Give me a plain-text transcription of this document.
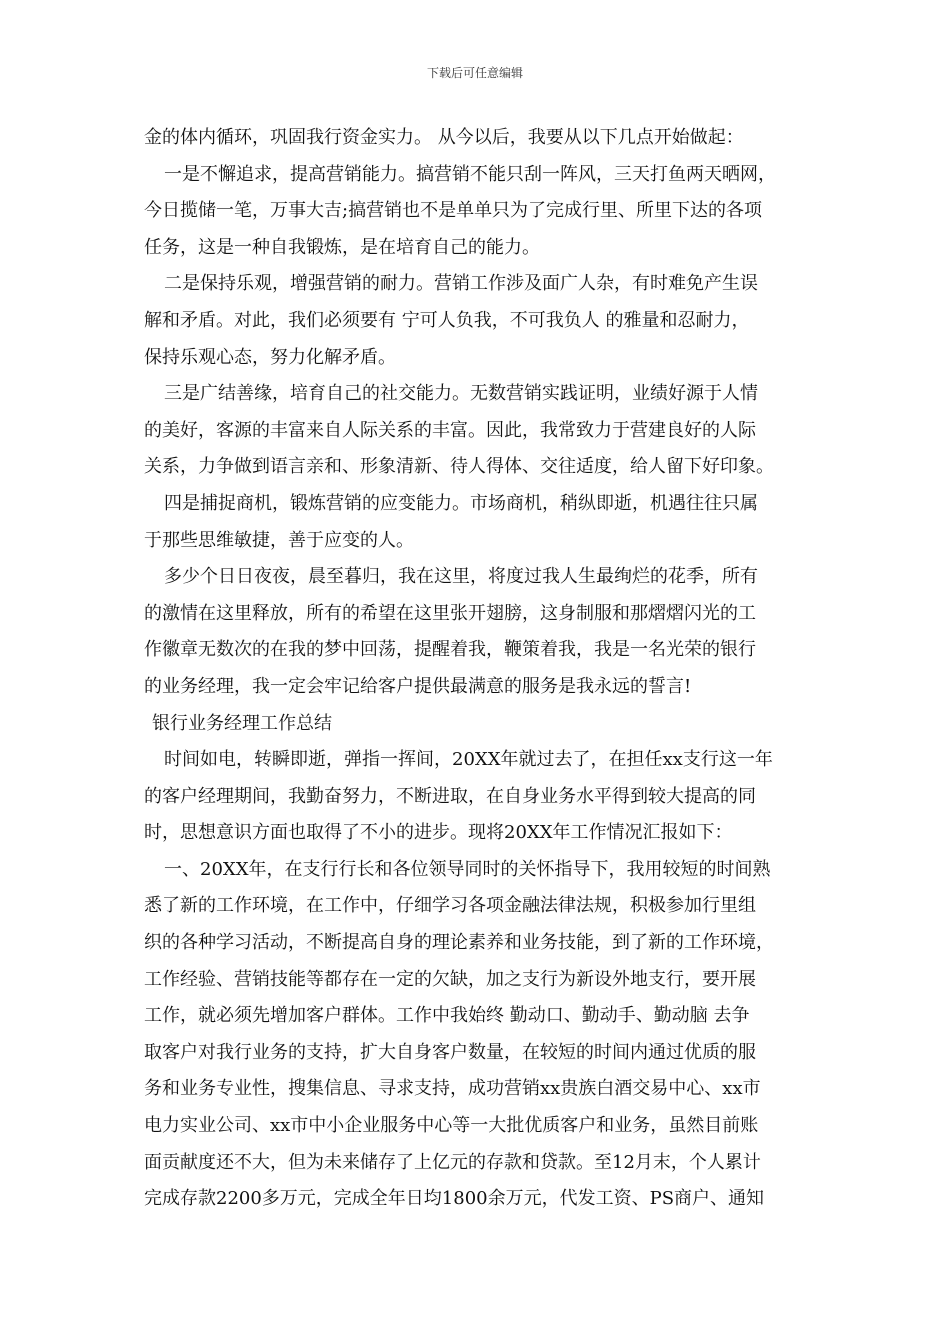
下载后可任意编辑
金的体内循环，巩固我行资金实力。 从今以后，我要从以下几点开始做起：
一是不懈追求，提高营销能力。搞营销不能只刮一阵风，三天打鱼两天晒网，
今日揽储一笔，万事大吉;搞营销也不是单单只为了完成行里、所里下达的各项
任务，这是一种自我锻炼，是在培育自己的能力。
二是保持乐观，增强营销的耐力。营销工作涉及面广人杂，有时难免产生误
解和矛盾。对此，我们必须要有 宁可人负我，不可我负人 的雅量和忍耐力，
保持乐观心态，努力化解矛盾。
三是广结善缘，培育自己的社交能力。无数营销实践证明，业绩好源于人情
的美好，客源的丰富来自人际关系的丰富。因此，我常致力于营建良好的人际
关系，力争做到语言亲和、形象清新、待人得体、交往适度，给人留下好印象。
四是捕捉商机，锻炼营销的应变能力。市场商机，稍纵即逝，机遇往往只属
于那些思维敏捷，善于应变的人。
多少个日日夜夜，晨至暮归，我在这里，将度过我人生最绚烂的花季，所有
的激情在这里释放，所有的希望在这里张开翅膀，这身制服和那熠熠闪光的工
作徽章无数次的在我的梦中回荡，提醒着我，鞭策着我，我是一名光荣的银行
的业务经理，我一定会牢记给客户提供最满意的服务是我永远的誓言!
银行业务经理工作总结
时间如电，转瞬即逝，弹指一挥间，20XX年就过去了，在担任xx支行这一年
的客户经理期间，我勤奋努力，不断进取，在自身业务水平得到较大提高的同
时，思想意识方面也取得了不小的进步。现将20XX年工作情况汇报如下：
一、20XX年，在支行行长和各位领导同时的关怀指导下，我用较短的时间熟
悉了新的工作环境，在工作中，仔细学习各项金融法律法规，积极参加行里组
织的各种学习活动，不断提高自身的理论素养和业务技能，到了新的工作环境，
工作经验、营销技能等都存在一定的欠缺，加之支行为新设外地支行，要开展
工作，就必须先增加客户群体。工作中我始终 勤动口、勤动手、勤动脑 去争
取客户对我行业务的支持，扩大自身客户数量，在较短的时间内通过优质的服
务和业务专业性，搜集信息、寻求支持，成功营销xx贵族白酒交易中心、xx市
电力实业公司、xx市中小企业服务中心等一大批优质客户和业务，虽然目前账
面贡献度还不大，但为未来储存了上亿元的存款和贷款。至12月末，个人累计
完成存款2200多万元，完成全年日均1800余万元，代发工资、PS商户、通知
